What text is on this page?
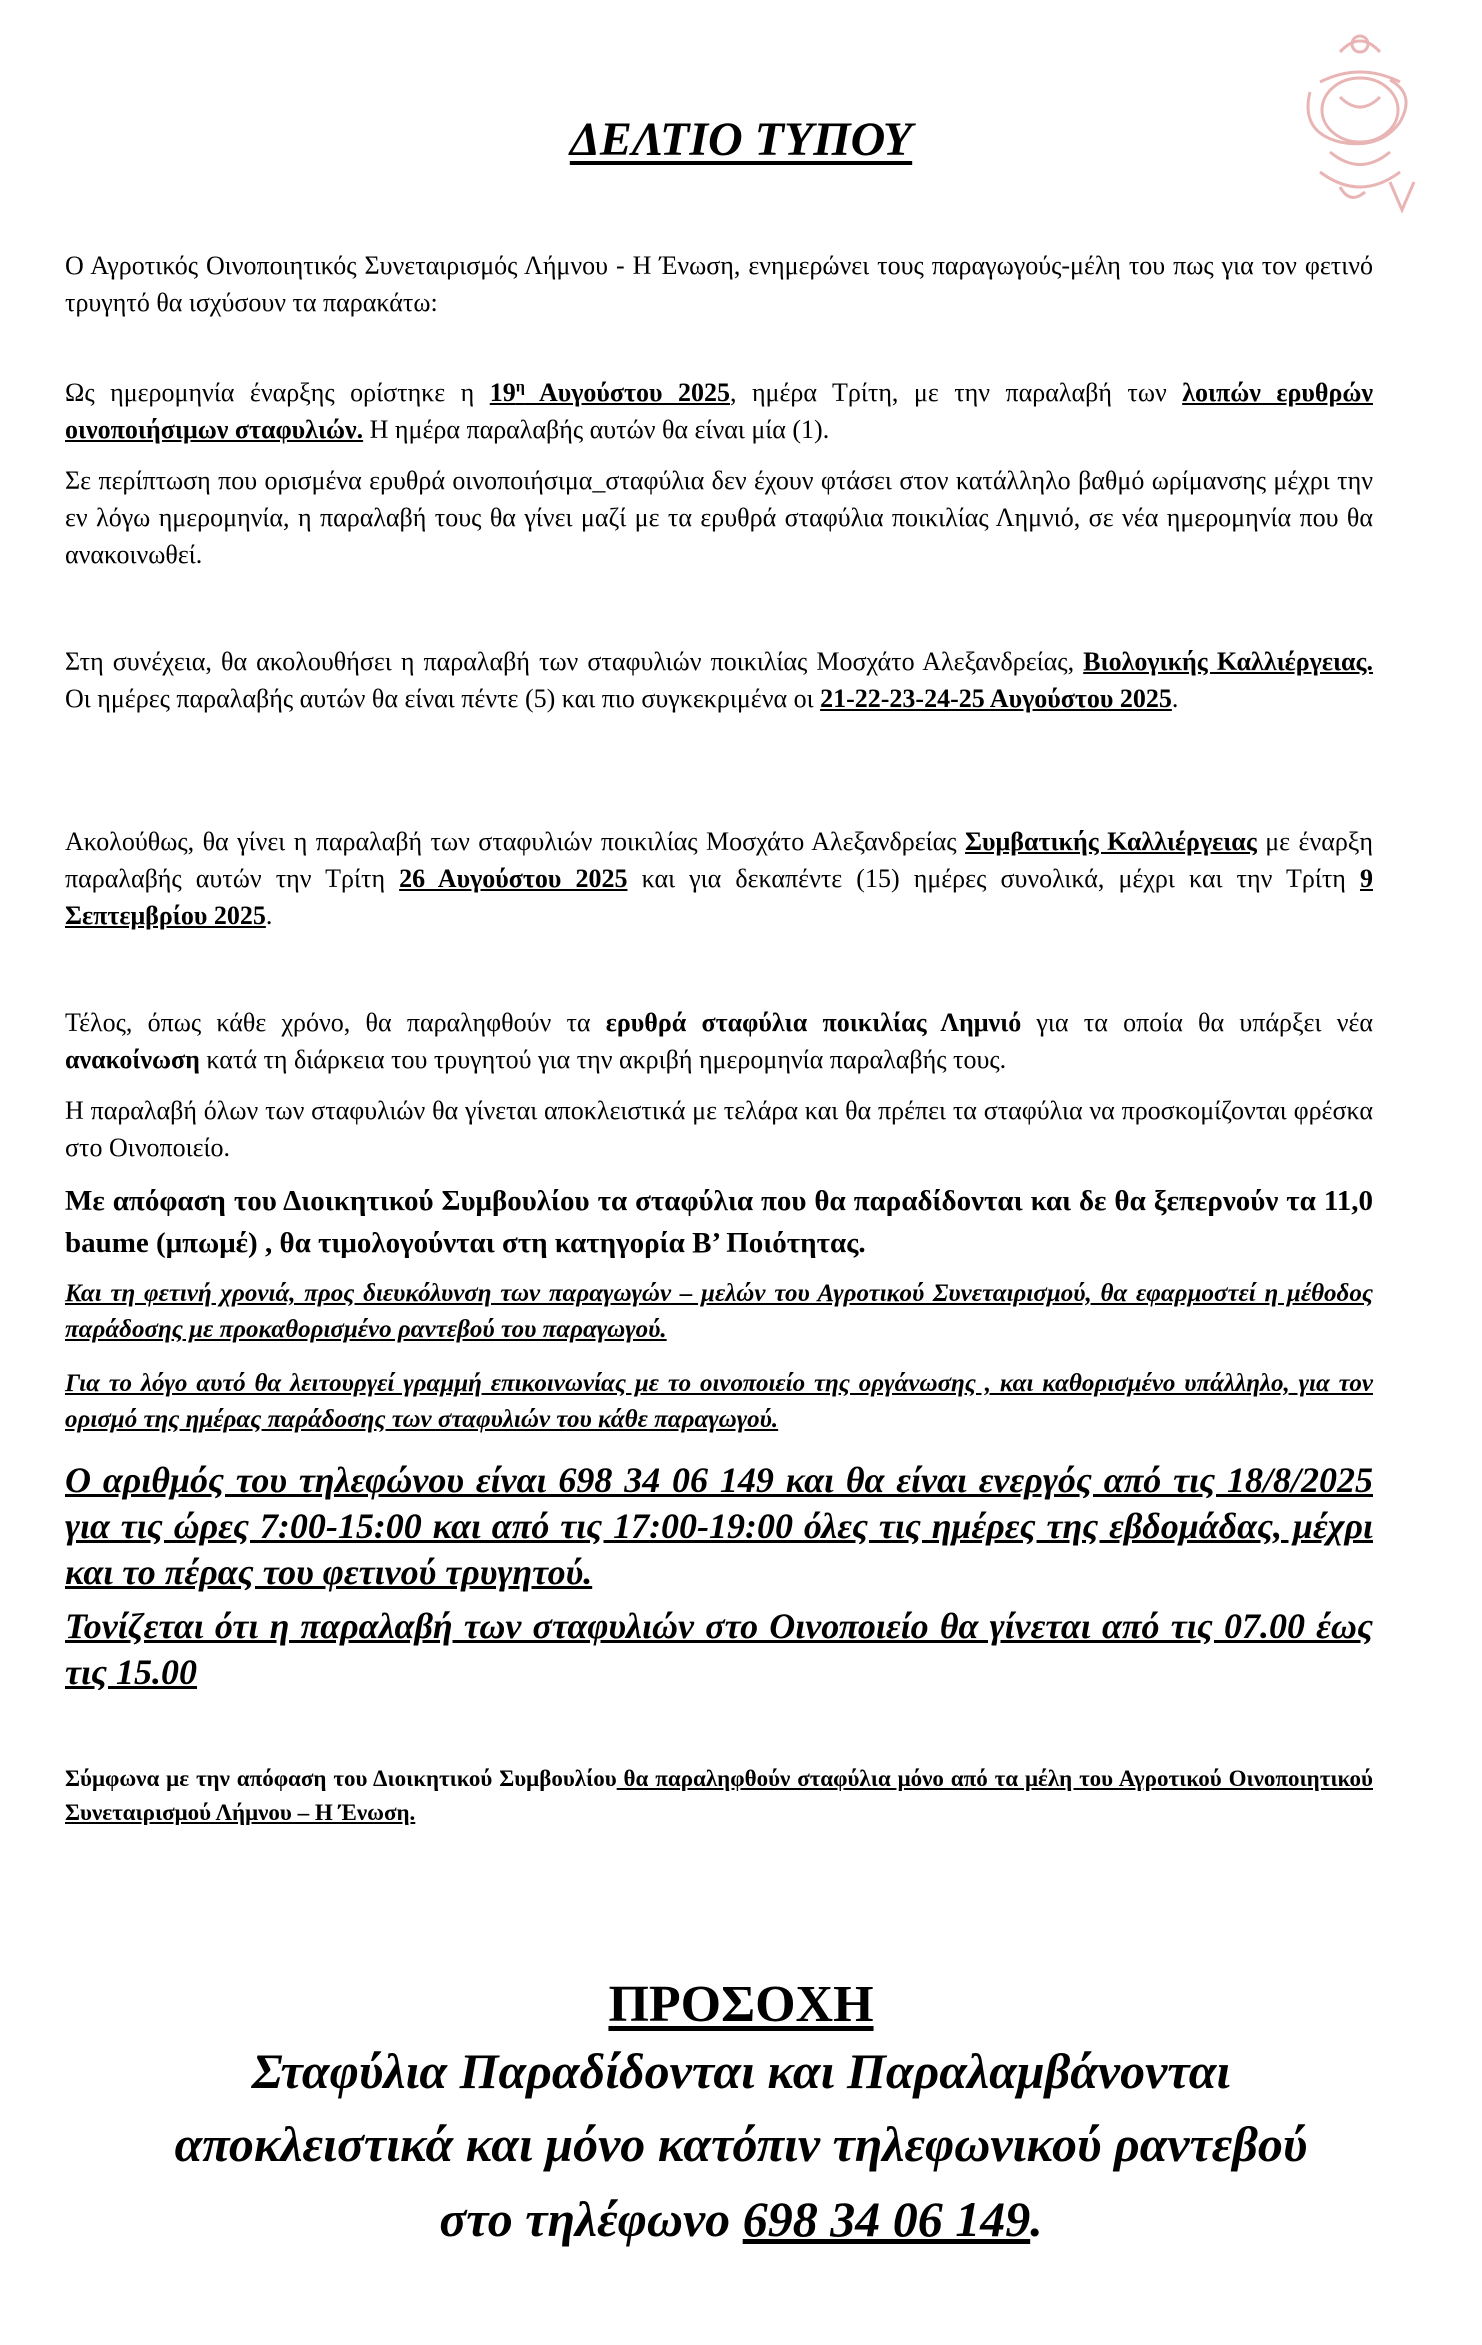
ΔΕΛΤΙΟ ΤΥΠΟΥ

Ο Αγροτικός Οινοποιητικός Συνεταιρισμός Λήμνου - Η Ένωση, ενημερώνει τους παραγωγούς-μέλη του πως για τον φετινό τρυγητό θα ισχύσουν τα παρακάτω:

Ως ημερομηνία έναρξης ορίστηκε η $19^\eta$ Αυγούστου 2025, ημέρα Τρίτη, με την παραλαβή των λοιπών ερυθρών οινοποιήσιμων σταφυλιών. Η ημέρα παραλαβής αυτών θα είναι μία (1).

Σε περίπτωση που ορισμένα ερυθρά οινοποιήσιμα_σταφύλια δεν έχουν φτάσει στον κατάλληλο βαθμό ωρίμανσης μέχρι την εν λόγω ημερομηνία, η παραλαβή τους θα γίνει μαζί με τα ερυθρά σταφύλια ποικιλίας Λημνιό, σε νέα ημερομηνία που θα ανακοινωθεί.

Στη συνέχεια, θα ακολουθήσει η παραλαβή των σταφυλιών ποικιλίας Μοσχάτο Αλεξανδρείας, Βιολογικής Καλλιέργειας. Οι ημέρες παραλαβής αυτών θα είναι πέντε (5) και πιο συγκεκριμένα οι 21-22-23-24-25 Αυγούστου 2025.

Ακολούθως, θα γίνει η παραλαβή των σταφυλιών ποικιλίας Μοσχάτο Αλεξανδρείας Συμβατικής Καλλιέργειας με έναρξη παραλαβής αυτών την Τρίτη 26 Αυγούστου 2025 και για δεκαπέντε (15) ημέρες συνολικά, μέχρι και την Τρίτη 9 Σεπτεμβρίου 2025.

Τέλος, όπως κάθε χρόνο, θα παραληφθούν τα ερυθρά σταφύλια ποικιλίας Λημνιό για τα οποία θα υπάρξει νέα ανακοίνωση κατά τη διάρκεια του τρυγητού για την ακριβή ημερομηνία παραλαβής τους.

Η παραλαβή όλων των σταφυλιών θα γίνεται αποκλειστικά με τελάρα και θα πρέπει τα σταφύλια να προσκομίζονται φρέσκα στο Οινοποιείο.

Με απόφαση του Διοικητικού Συμβουλίου τα σταφύλια που θα παραδίδονται και δε θα ξεπερνούν τα 11,0 baume (μπωμέ) , θα τιμολογούνται στη κατηγορία Β’ Ποιότητας.

Και τη φετινή χρονιά, προς διευκόλυνση των παραγωγών – μελών του Αγροτικού Συνεταιρισμού, θα εφαρμοστεί η μέθοδος παράδοσης με προκαθορισμένο ραντεβού του παραγωγού.

Για το λόγο αυτό θα λειτουργεί γραμμή επικοινωνίας με το οινοποιείο της οργάνωσης , και καθορισμένο υπάλληλο, για τον ορισμό της ημέρας παράδοσης των σταφυλιών του κάθε παραγωγού.

Ο αριθμός του τηλεφώνου είναι 698 34 06 149 και θα είναι ενεργός από τις 18/8/2025 για τις ώρες 7:00-15:00 και από τις 17:00-19:00 όλες τις ημέρες της εβδομάδας, μέχρι και το πέρας του φετινού τρυγητού.

Τονίζεται ότι η παραλαβή των σταφυλιών στο Οινοποιείο θα γίνεται από τις 07.00 έως τις 15.00

Σύμφωνα με την απόφαση του Διοικητικού Συμβουλίου θα παραληφθούν σταφύλια μόνο από τα μέλη του Αγροτικού Οινοποιητικού Συνεταιρισμού Λήμνου – Η Ένωση.

ΠΡΟΣΟΧΗ

Σταφύλια Παραδίδονται και Παραλαμβάνονται

αποκλειστικά και μόνο κατόπιν τηλεφωνικού ραντεβού

στο τηλέφωνο 698 34 06 149.
